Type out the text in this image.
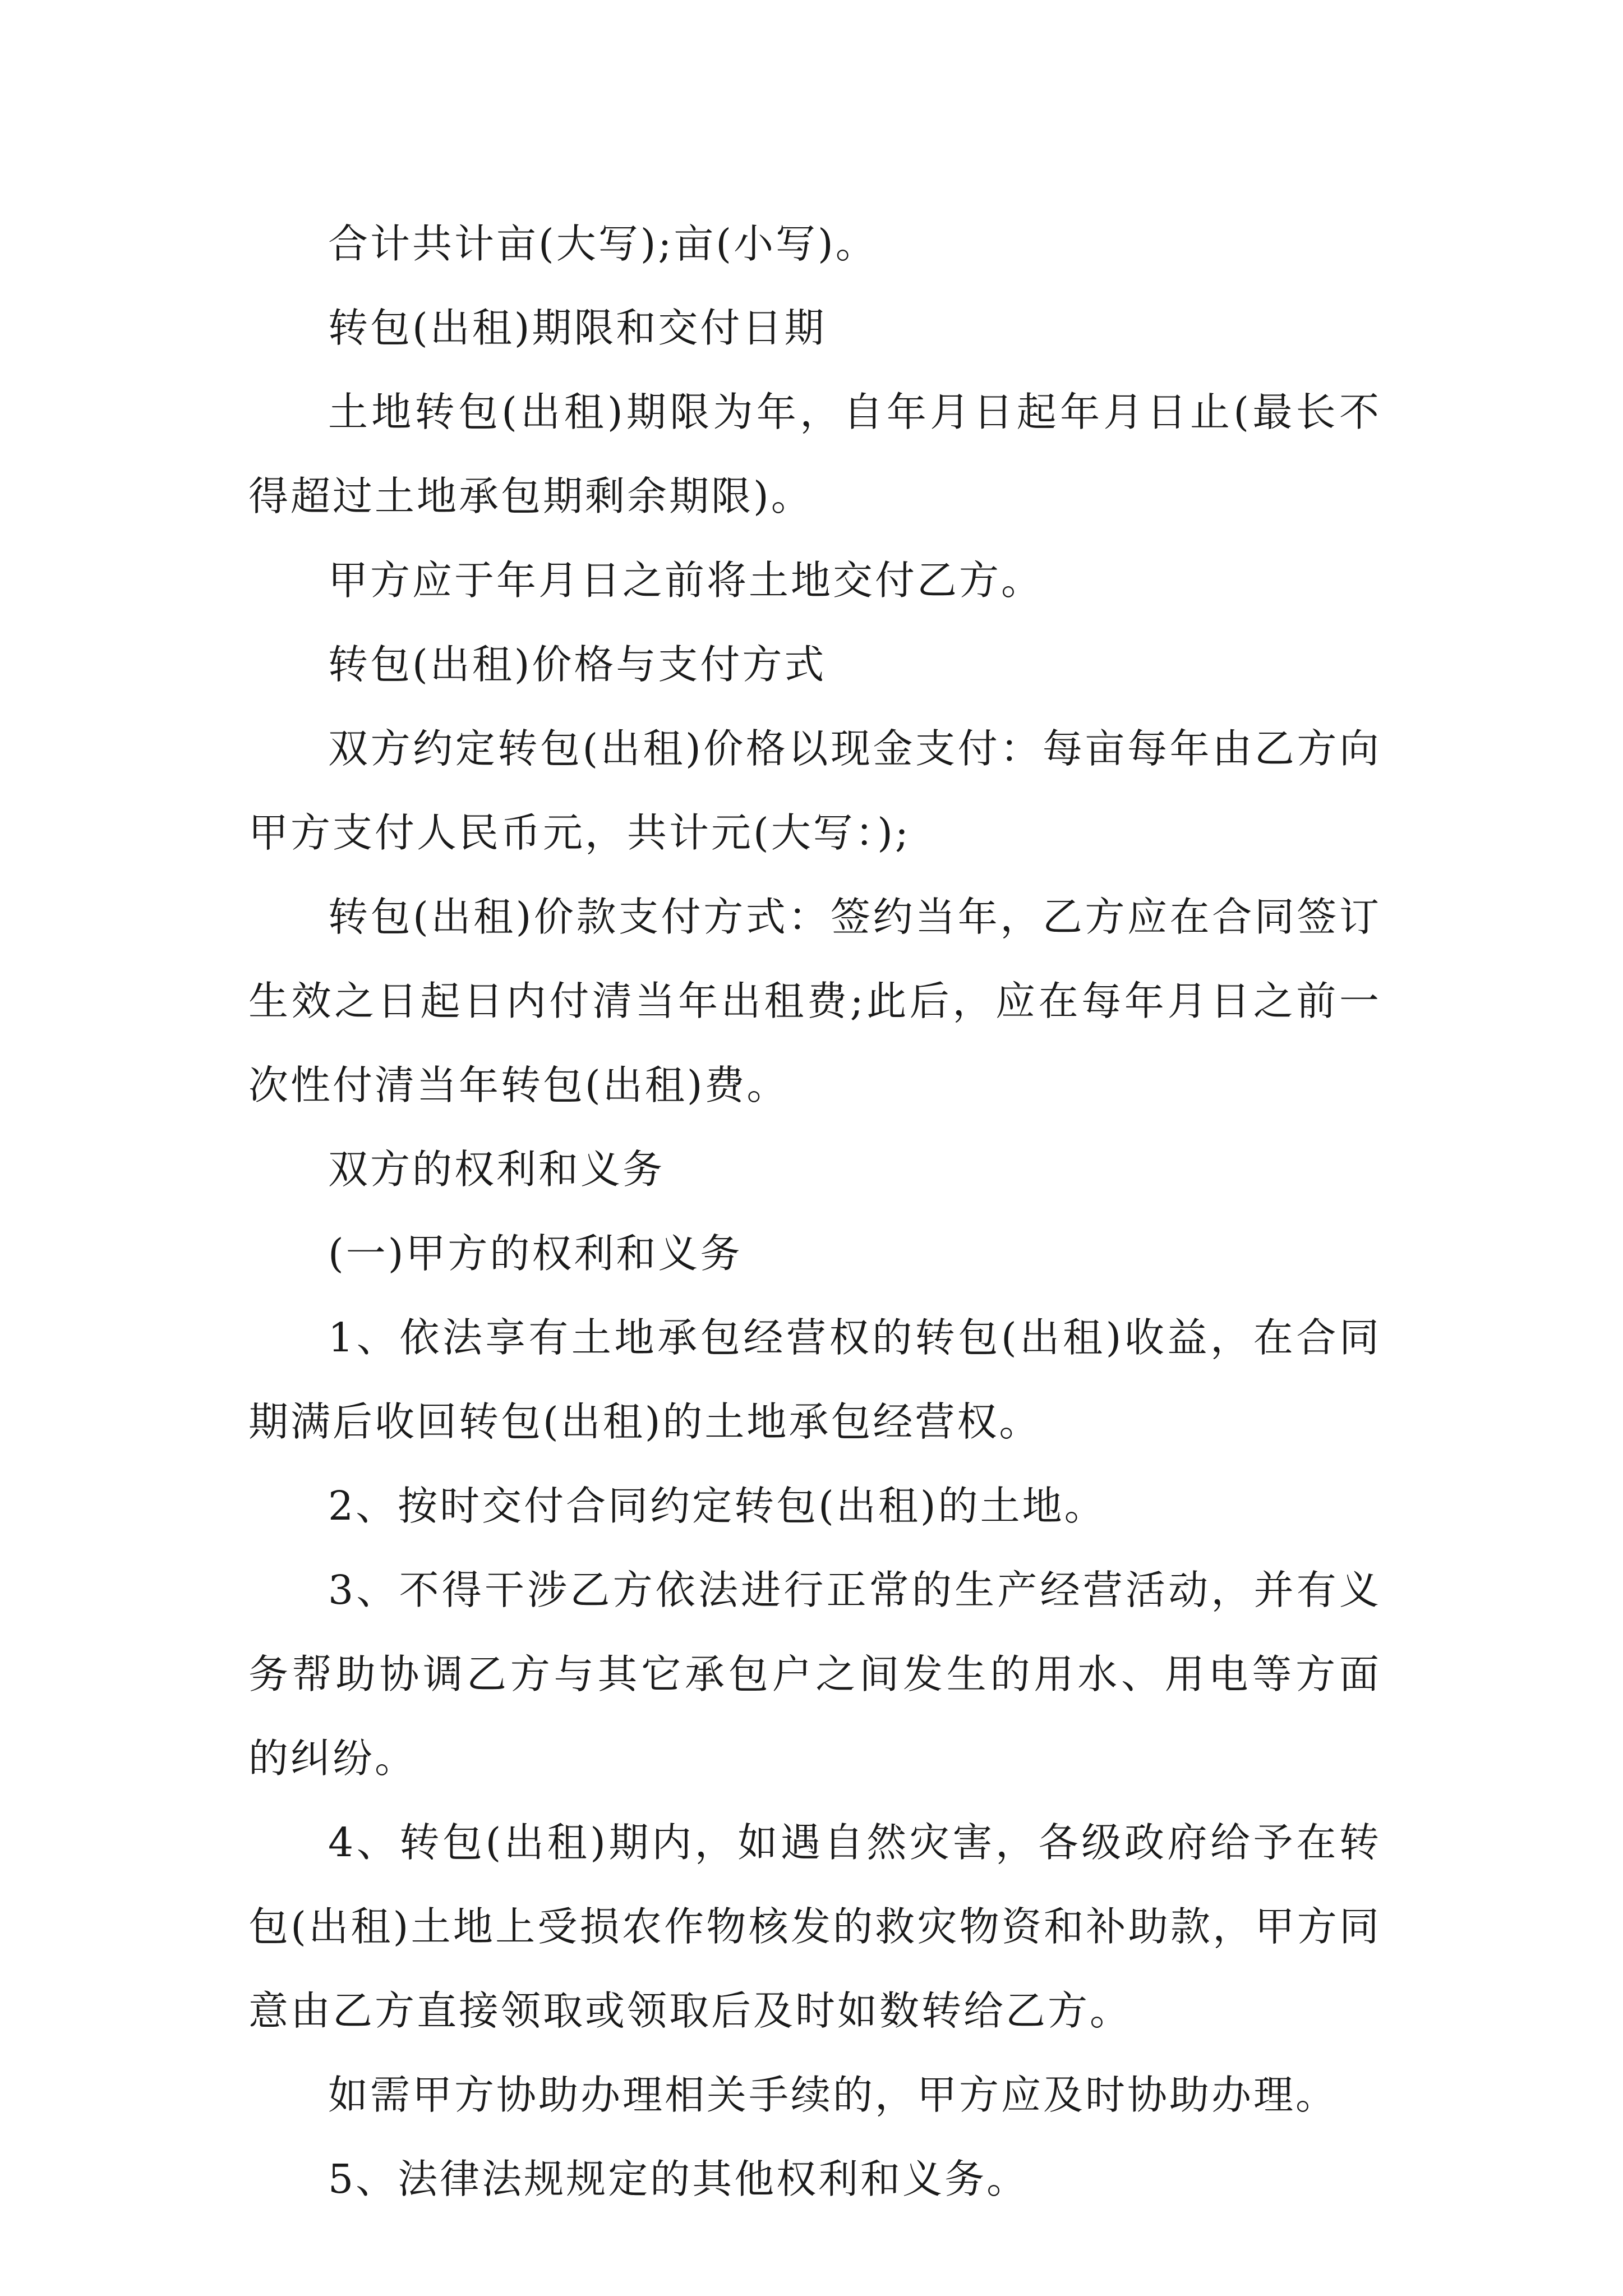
合计共计亩(大写);亩(小写)。

转包(出租)期限和交付日期

土地转包(出租)期限为年，自年月日起年月日止(最长不得超过土地承包期剩余期限)。

甲方应于年月日之前将土地交付乙方。

转包(出租)价格与支付方式

双方约定转包(出租)价格以现金支付：每亩每年由乙方向甲方支付人民币元，共计元(大写：);

转包(出租)价款支付方式：签约当年，乙方应在合同签订生效之日起日内付清当年出租费;此后，应在每年月日之前一次性付清当年转包(出租)费。

双方的权利和义务

(一)甲方的权利和义务

1、依法享有土地承包经营权的转包(出租)收益，在合同期满后收回转包(出租)的土地承包经营权。

2、按时交付合同约定转包(出租)的土地。

3、不得干涉乙方依法进行正常的生产经营活动，并有义务帮助协调乙方与其它承包户之间发生的用水、用电等方面的纠纷。

4、转包(出租)期内，如遇自然灾害，各级政府给予在转包(出租)土地上受损农作物核发的救灾物资和补助款，甲方同意由乙方直接领取或领取后及时如数转给乙方。

如需甲方协助办理相关手续的，甲方应及时协助办理。

5、法律法规规定的其他权利和义务。
